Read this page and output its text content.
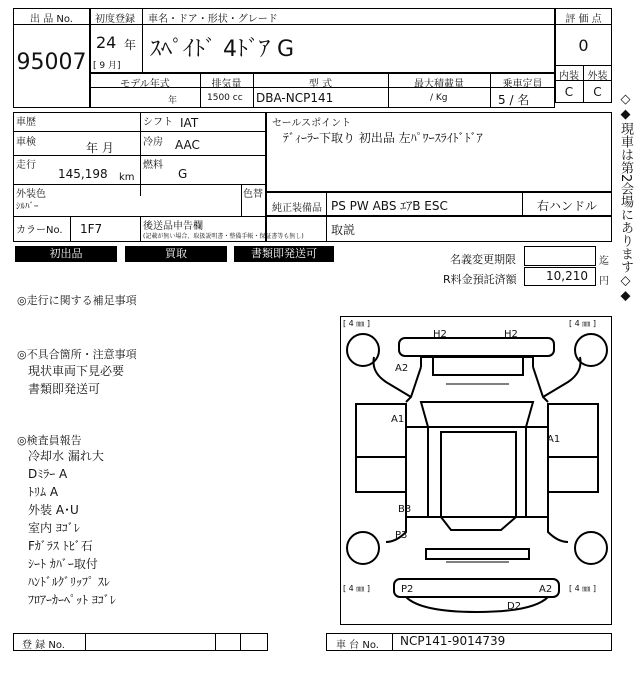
出 品 No.
95007
初度登録 車名・ドア・形状・グレード
24 年
[ 9 月]
ｽﾍﾟｲﾄﾞ 4ﾄﾞｱ G
評 価 点
0
内装 外装
C	C
モデル年式	排気量	型 式	最大積載量	乗車定員
年	1500 cc DBA-NCP141	/ Kg	5 / 名
車歴	シフト IAT
車検	年 月	冷房 AAC
走行
145,198 km
燃料
G
外装色
ｼﾙﾊﾞｰ
色替
カラーNo. 1F7	後送品申告欄
(記載が無い場合、取扱説明書・整備手帳・保証書等も無し)
セールスポイント
ﾃﾞｨｰﾗｰ下取り 初出品 左ﾊﾟﾜｰｽﾗｲﾄﾞﾄﾞｱ
純正装備品 PS PW ABS ｴｱB ESC	右ハンドル
取説
初出品	買取	書類即発送可	名義変更期限	迄
R料金預託済額 10,210 円
◎走行に関する補足事項
◎不具合箇所・注意事項
現状車両下見必要
書類即発送可
◎検査員報告
冷却水 漏れ大
Dﾐﾗｰ A
ﾄﾘﾑ A
外装 A･U
室内 ﾖｺﾞﾚ
Fｶﾞﾗｽ ﾄﾋﾞ石
ｼｰﾄ ｶﾊﾞｰ取付
ﾊﾝﾄﾞﾙｸﾞﾘｯﾌﾟ ｽﾚ
ﾌﾛｱｰｶｰﾍﾟｯﾄ ﾖｺﾞﾚ
[ 4 ㎜ ]	[ 4 ㎜ ]
[ 4 ㎜ ]	[ 4 ㎜ ]
H2	H2
A2
A1
A1
B3
P3
P2	A2
D2
◇◆現車は第2会場にあります◇◆
登 録 No.	車 台 No. NCP141-9014739
